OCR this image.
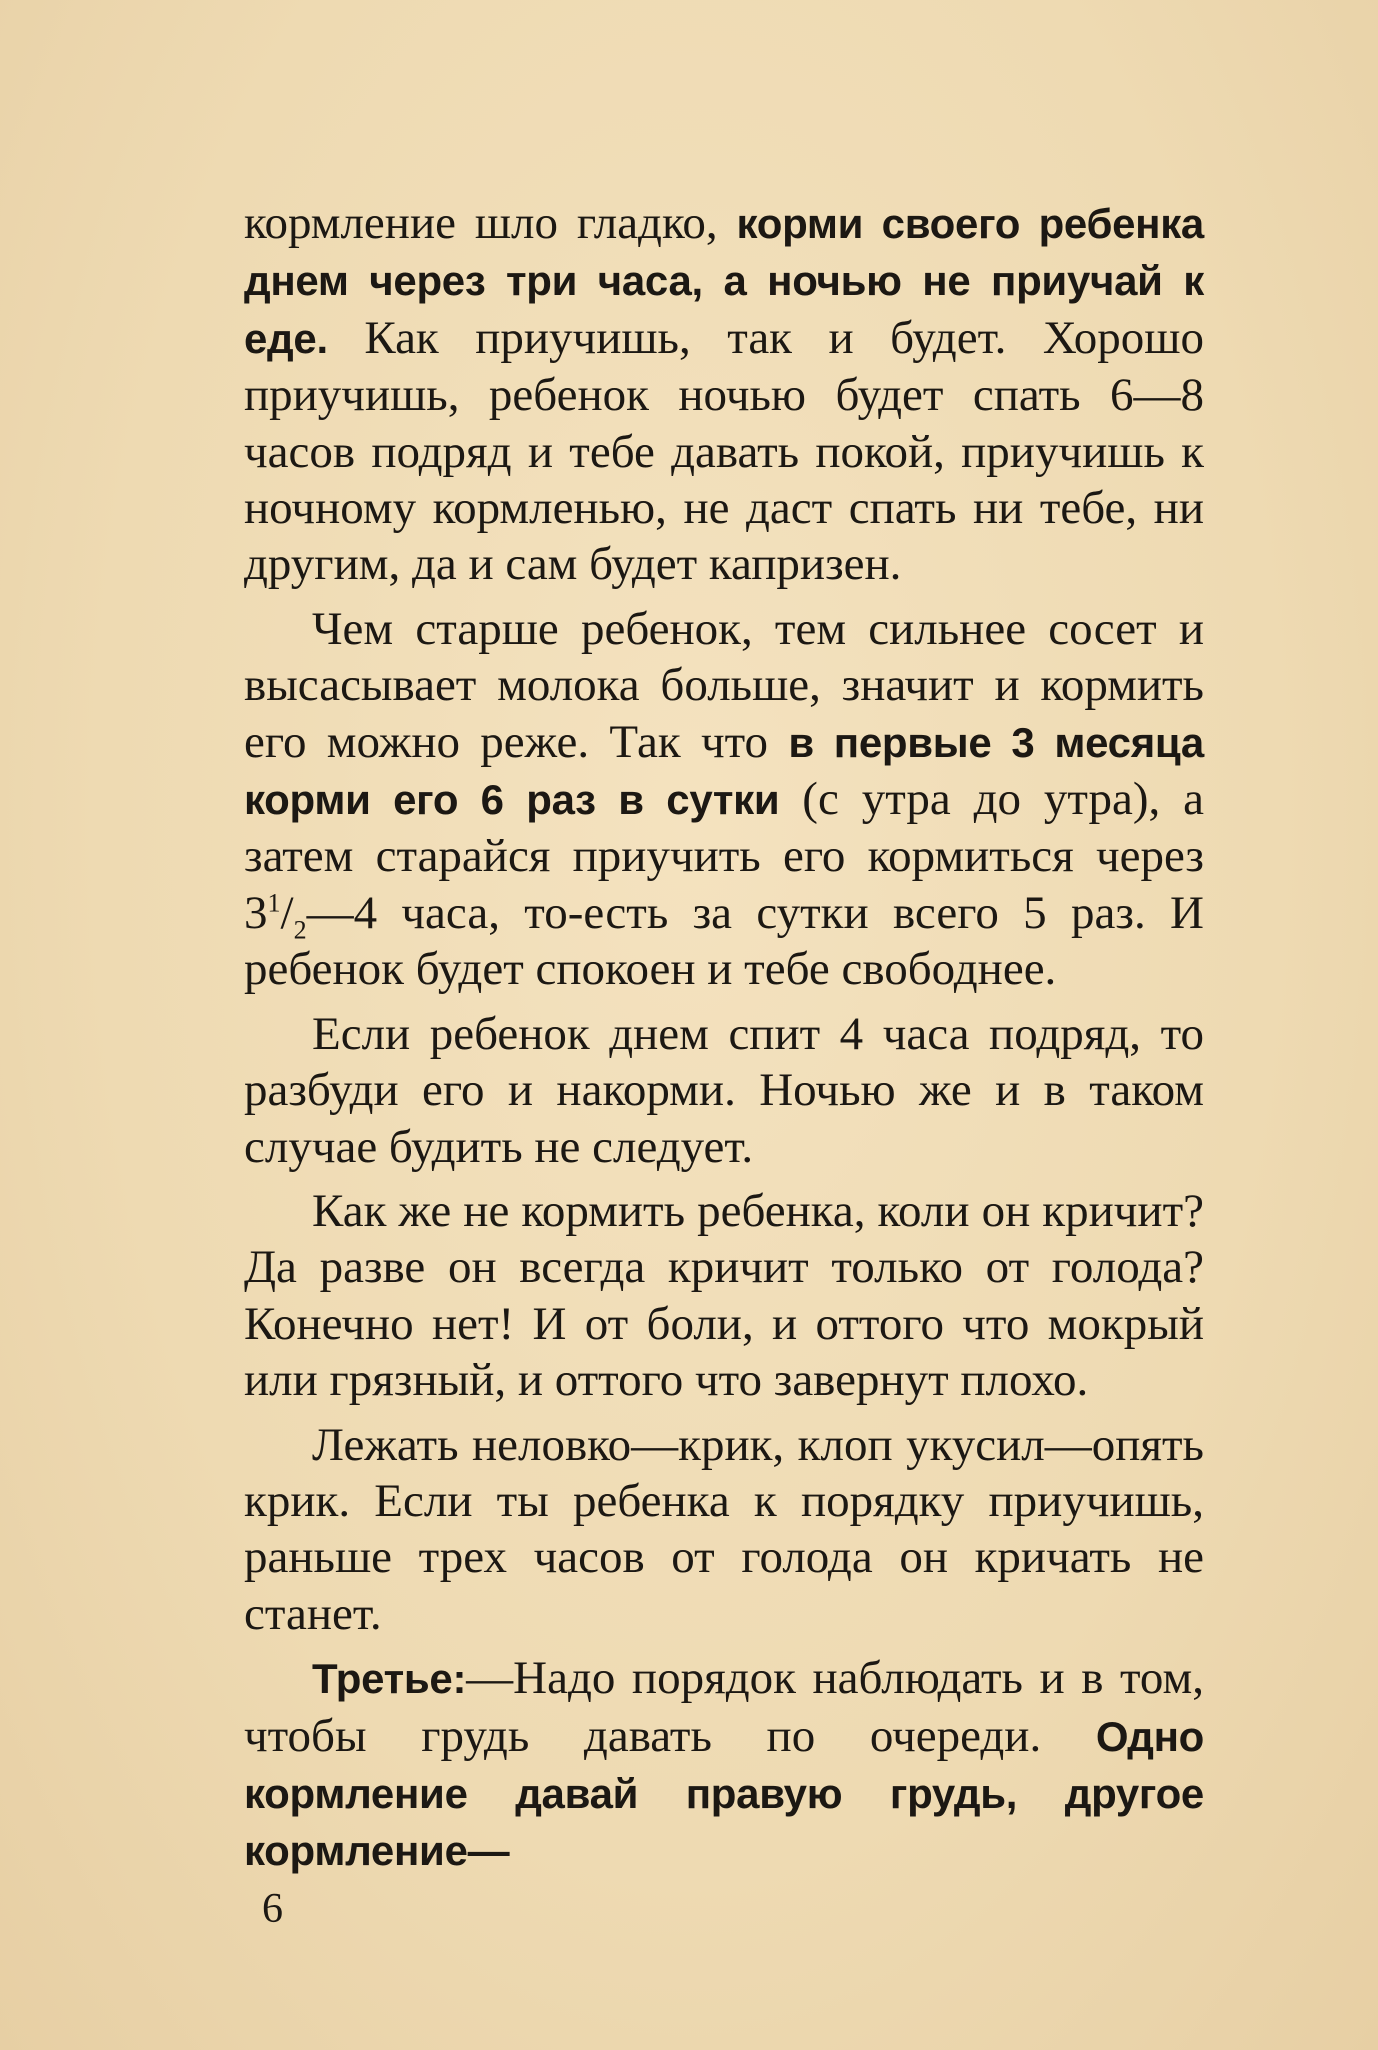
кормление шло гладко, корми своего ребенка днем через три часа, а ночью не приучай к еде. Как приучишь, так и будет. Хорошо приучишь, ребенок ночью будет спать 6—8 часов подряд и тебе давать покой, приучишь к ночному кормленью, не даст спать ни тебе, ни другим, да и сам будет капризен.

Чем старше ребенок, тем сильнее сосет и высасывает молока больше, значит и кормить его можно реже. Так что в первые 3 месяца корми его 6 раз в сутки (с утра до утра), а затем старайся приучить его кормиться через $3^1/_2—4$ часа, то-есть за сутки всего 5 раз. И ребенок будет спокоен и тебе свободнее.

Если ребенок днем спит 4 часа подряд, то разбуди его и накорми. Ночью же и в таком случае будить не следует.

Как же не кормить ребенка, коли он кричит? Да разве он всегда кричит только от голода? Конечно нет! И от боли, и оттого что мокрый или грязный, и оттого что завернут плохо.

Лежать неловко—крик, клоп укусил—опять крик. Если ты ребенка к порядку приучишь, раньше трех часов от голода он кричать не станет.

Третье:—Надо порядок наблюдать и в том, чтобы грудь давать по очереди. Одно кормление давай правую грудь, другое кормление—

6
